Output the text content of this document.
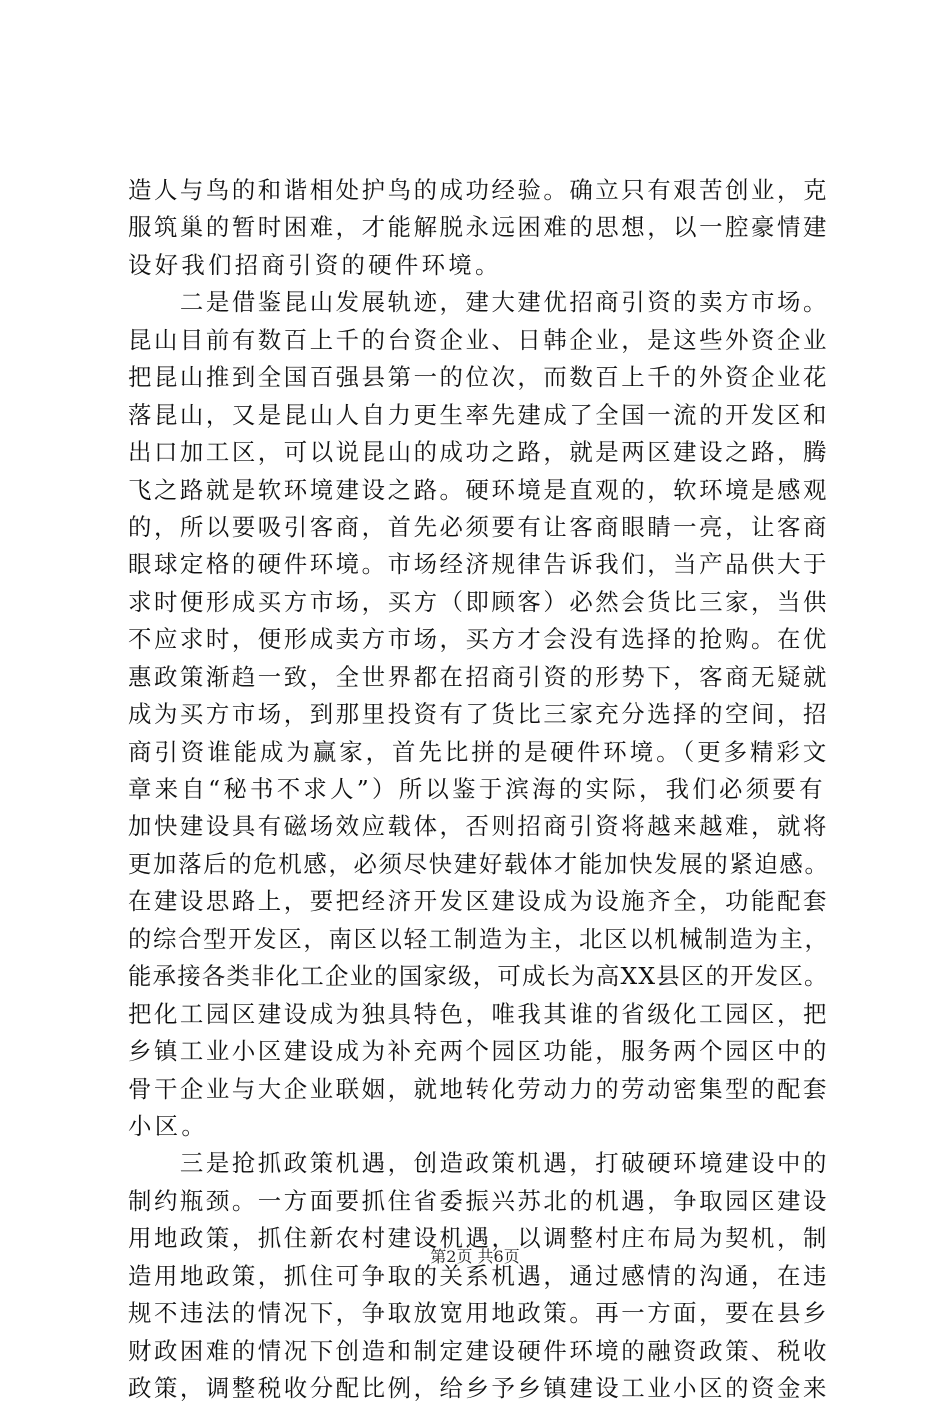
造人与鸟的和谐相处护鸟的成功经验。确立只有艰苦创业，克
服筑巢的暂时困难，才能解脱永远困难的思想，以一腔豪情建
设好我们招商引资的硬件环境。
　　二是借鉴昆山发展轨迹，建大建优招商引资的卖方市场。
昆山目前有数百上千的台资企业、日韩企业，是这些外资企业
把昆山推到全国百强县第一的位次，而数百上千的外资企业花
落昆山，又是昆山人自力更生率先建成了全国一流的开发区和
出口加工区，可以说昆山的成功之路，就是两区建设之路，腾
飞之路就是软环境建设之路。硬环境是直观的，软环境是感观
的，所以要吸引客商，首先必须要有让客商眼睛一亮，让客商
眼球定格的硬件环境。市场经济规律告诉我们，当产品供大于
求时便形成买方市场，买方（即顾客）必然会货比三家，当供
不应求时，便形成卖方市场，买方才会没有选择的抢购。在优
惠政策渐趋一致，全世界都在招商引资的形势下，客商无疑就
成为买方市场，到那里投资有了货比三家充分选择的空间，招
商引资谁能成为赢家，首先比拼的是硬件环境。（更多精彩文
章来自“秘书不求人”）所以鉴于滨海的实际，我们必须要有
加快建设具有磁场效应载体，否则招商引资将越来越难，就将
更加落后的危机感，必须尽快建好载体才能加快发展的紧迫感。
在建设思路上，要把经济开发区建设成为设施齐全，功能配套
的综合型开发区，南区以轻工制造为主，北区以机械制造为主，
能承接各类非化工企业的国家级，可成长为高XX县区的开发区。
把化工园区建设成为独具特色，唯我其谁的省级化工园区，把
乡镇工业小区建设成为补充两个园区功能，服务两个园区中的
骨干企业与大企业联姻，就地转化劳动力的劳动密集型的配套
小区。
　　三是抢抓政策机遇，创造政策机遇，打破硬环境建设中的
制约瓶颈。一方面要抓住省委振兴苏北的机遇，争取园区建设
用地政策，抓住新农村建设机遇，以调整村庄布局为契机，制
造用地政策，抓住可争取的关系机遇，通过感情的沟通，在违
规不违法的情况下，争取放宽用地政策。再一方面，要在县乡
财政困难的情况下创造和制定建设硬件环境的融资政策、税收
政策，调整税收分配比例，给乡予乡镇建设工业小区的资金来
第2页 共6页
